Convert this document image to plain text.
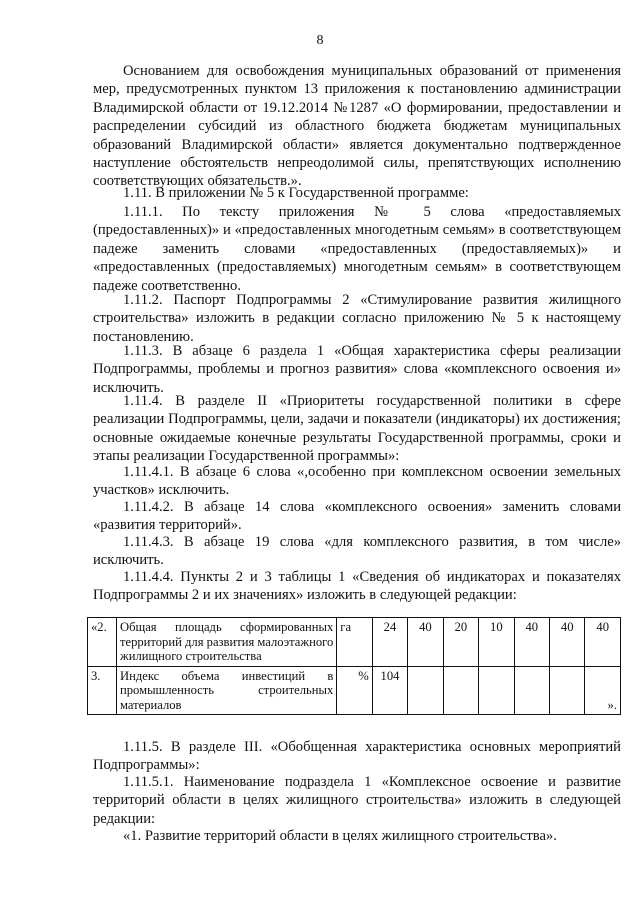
8

Основанием для освобождения муниципальных образований от применения мер, предусмотренных пунктом 13 приложения к постановлению администрации Владимирской области от 19.12.2014 №1287 «О формировании, предоставлении и распределении субсидий из областного бюджета бюджетам муниципальных образований Владимирской области» является документально подтвержденное наступление обстоятельств непреодолимой силы, препятствующих исполнению соответствующих обязательств.».

1.11. В приложении № 5 к Государственной программе:

1.11.1. По тексту приложения № 5 слова «предоставляемых (предоставленных)» и «предоставленных многодетным семьям» в соответствующем падеже заменить словами «предоставленных (предоставляемых)» и «предоставленных (предоставляемых) многодетным семьям» в соответствующем падеже соответственно.

1.11.2. Паспорт Подпрограммы 2 «Стимулирование развития жилищного строительства» изложить в редакции согласно приложению № 5 к настоящему постановлению.

1.11.3. В абзаце 6 раздела 1 «Общая характеристика сферы реализации Подпрограммы, проблемы и прогноз развития» слова «комплексного освоения и» исключить.

1.11.4. В разделе II «Приоритеты государственной политики в сфере реализации Подпрограммы, цели, задачи и показатели (индикаторы) их достижения; основные ожидаемые конечные результаты Государственной программы, сроки и этапы реализации Государственной программы»:

1.11.4.1. В абзаце 6 слова «,особенно при комплексном освоении земельных участков» исключить.

1.11.4.2. В абзаце 14 слова «комплексного освоения» заменить словами «развития территорий».

1.11.4.3. В абзаце 19 слова «для комплексного развития, в том числе» исключить.

1.11.4.4. Пункты 2 и 3 таблицы 1 «Сведения об индикаторах и показателях Подпрограммы 2 и их значениях» изложить в следующей редакции:

«2.	Общая площадь сформированных территорий для развития малоэтажного жилищного строительства	га	24	40	20	10	40	40	40
3.	Индекс объема инвестиций в промышленность строительных материалов	%	104						».

1.11.5. В разделе III. «Обобщенная характеристика основных мероприятий Подпрограммы»:

1.11.5.1. Наименование подраздела 1 «Комплексное освоение и развитие территорий области в целях жилищного строительства» изложить в следующей редакции:

«1. Развитие территорий области в целях жилищного строительства».
